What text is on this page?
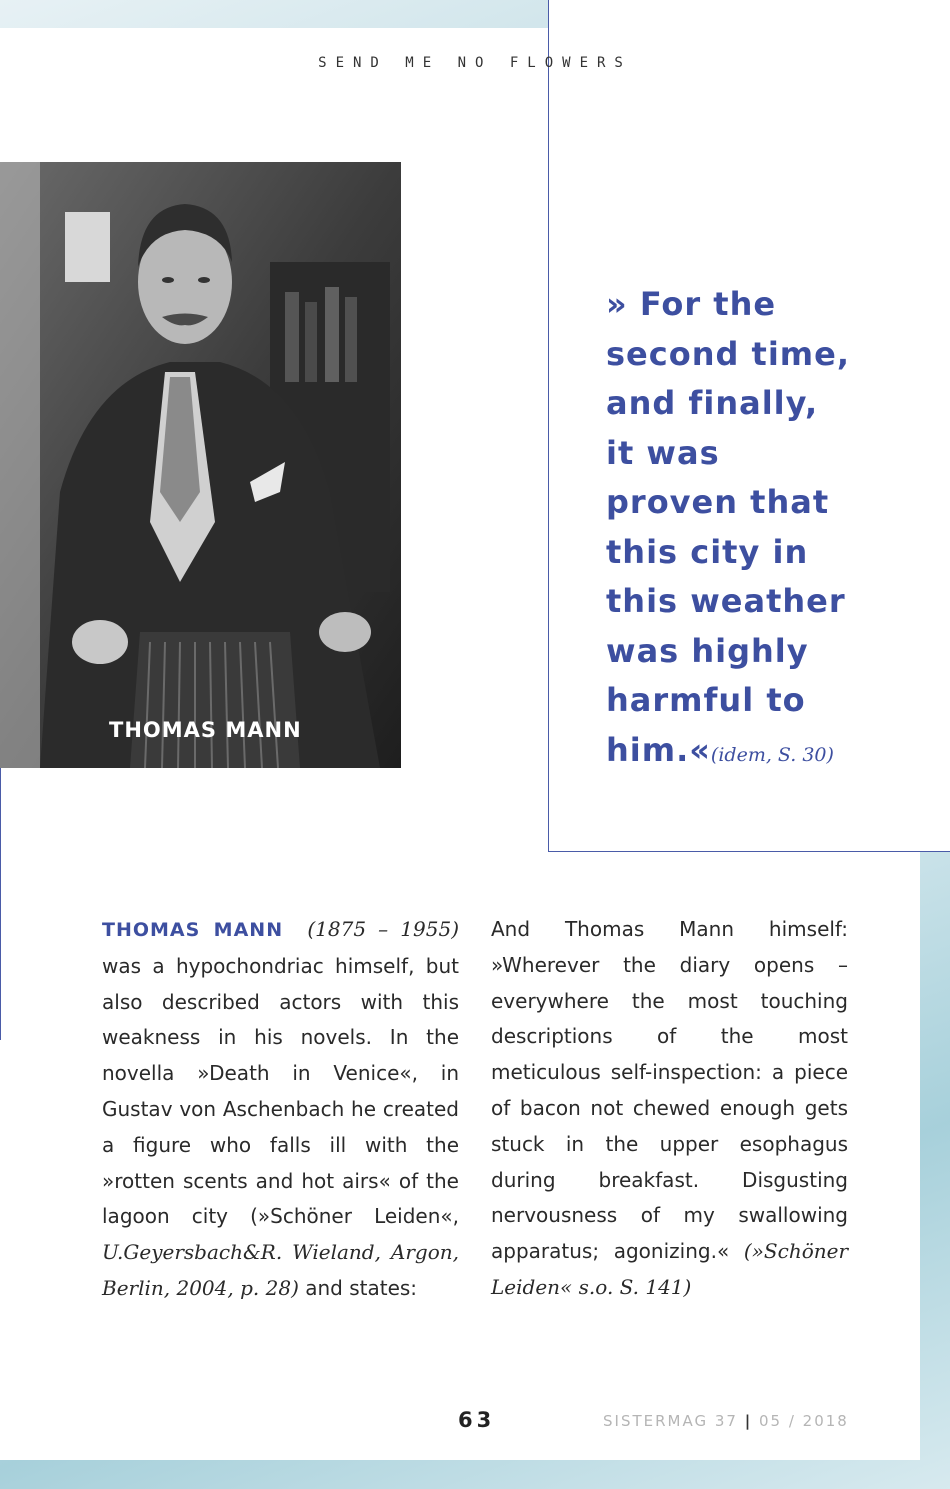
SEND ME NO FLOWERS
THOMAS MANN
» For the
second time,
and finally,
it was
proven that
this city in
this weather
was highly
harmful to
him.«(idem, S. 30)
THOMAS MANN (1875 – 1955) was a hypochondriac himself, but also described actors with this weakness in his novels. In the novella »Death in Venice«, in Gustav von Aschenbach he created a figure who falls ill with the »rotten scents and hot airs« of the lagoon city (»Schöner Leiden«, U.Geyersbach&R. Wieland, Argon, Berlin, 2004, p. 28) and states:
And Thomas Mann himself: »Wherever the diary opens – everywhere the most touching descriptions of the most meticulous self-inspection: a piece of bacon not chewed enough gets stuck in the upper esophagus during breakfast. Disgusting nervousness of my swallowing apparatus; agonizing.« (»Schöner Leiden« s.o. S. 141)
63	SISTERMAG 37 | 05 / 2018
